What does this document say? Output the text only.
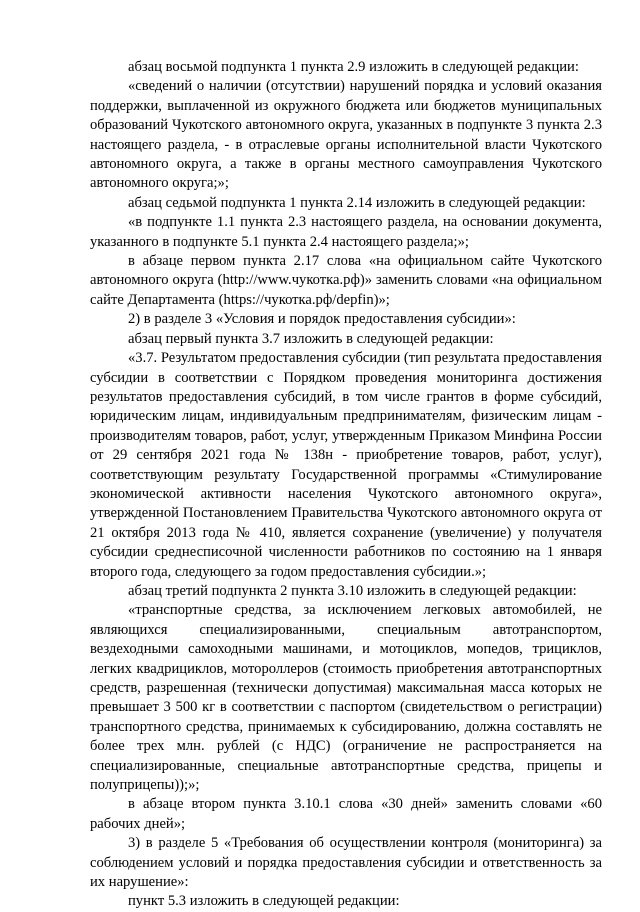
абзац восьмой подпункта 1 пункта 2.9 изложить в следующей редакции:

«сведений о наличии (отсутствии) нарушений порядка и условий оказания поддержки, выплаченной из окружного бюджета или бюджетов муниципальных образований Чукотского автономного округа, указанных в подпункте 3 пункта 2.3 настоящего раздела, - в отраслевые органы исполнительной власти Чукотского автономного округа, а также в органы местного самоуправления Чукотского автономного округа;»;

абзац седьмой подпункта 1 пункта 2.14 изложить в следующей редакции:

«в подпункте 1.1 пункта 2.3 настоящего раздела, на основании документа, указанного в подпункте 5.1 пункта 2.4 настоящего раздела;»;

в абзаце первом пункта 2.17 слова «на официальном сайте Чукотского автономного округа (http://www.чукотка.рф)» заменить словами «на официальном сайте Департамента (https://чукотка.рф/depfin)»;

2) в разделе 3 «Условия и порядок предоставления субсидии»:

абзац первый пункта 3.7 изложить в следующей редакции:

«3.7. Результатом предоставления субсидии (тип результата предоставления субсидии в соответствии с Порядком проведения мониторинга достижения результатов предоставления субсидий, в том числе грантов в форме субсидий, юридическим лицам, индивидуальным предпринимателям, физическим лицам - производителям товаров, работ, услуг, утвержденным Приказом Минфина России от 29 сентября 2021 года № 138н - приобретение товаров, работ, услуг), соответствующим результату Государственной программы «Стимулирование экономической активности населения Чукотского автономного округа», утвержденной Постановлением Правительства Чукотского автономного округа от 21 октября 2013 года № 410, является сохранение (увеличение) у получателя субсидии среднесписочной численности работников по состоянию на 1 января второго года, следующего за годом предоставления субсидии.»;

абзац третий подпункта 2 пункта 3.10 изложить в следующей редакции:

«транспортные средства, за исключением легковых автомобилей, не являющихся специализированными, специальным автотранспортом, вездеходными самоходными машинами, и мотоциклов, мопедов, трициклов, легких квадрициклов, мотороллеров (стоимость приобретения автотранспортных средств, разрешенная (технически допустимая) максимальная масса которых не превышает 3 500 кг в соответствии с паспортом (свидетельством о регистрации) транспортного средства, принимаемых к субсидированию, должна составлять не более трех млн. рублей (с НДС) (ограничение не распространяется на специализированные, специальные автотранспортные средства, прицепы и полуприцепы));»;

в абзаце втором пункта 3.10.1 слова «30 дней» заменить словами «60 рабочих дней»;

3) в разделе 5 «Требования об осуществлении контроля (мониторинга) за соблюдением условий и порядка предоставления субсидии и ответственность за их нарушение»:

пункт 5.3 изложить в следующей редакции:
